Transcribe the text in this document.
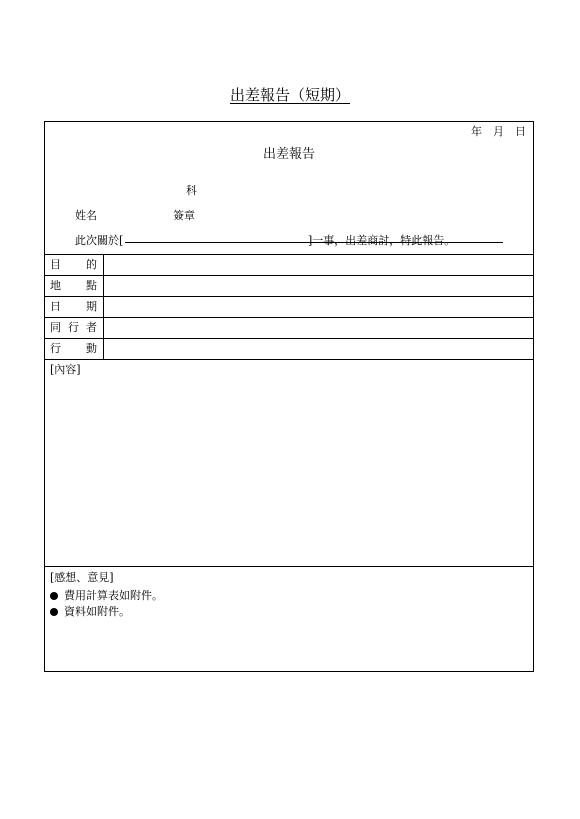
出差報告（短期）
年　月　日
出差報告
科
姓名	簽章
此次關於[	]一事，出差商討，特此報告。
目　　的
地　　點
日　　期
同 行 者
行　　動
[內容]
[感想、意見]
費用計算表如附件。
資料如附件。
